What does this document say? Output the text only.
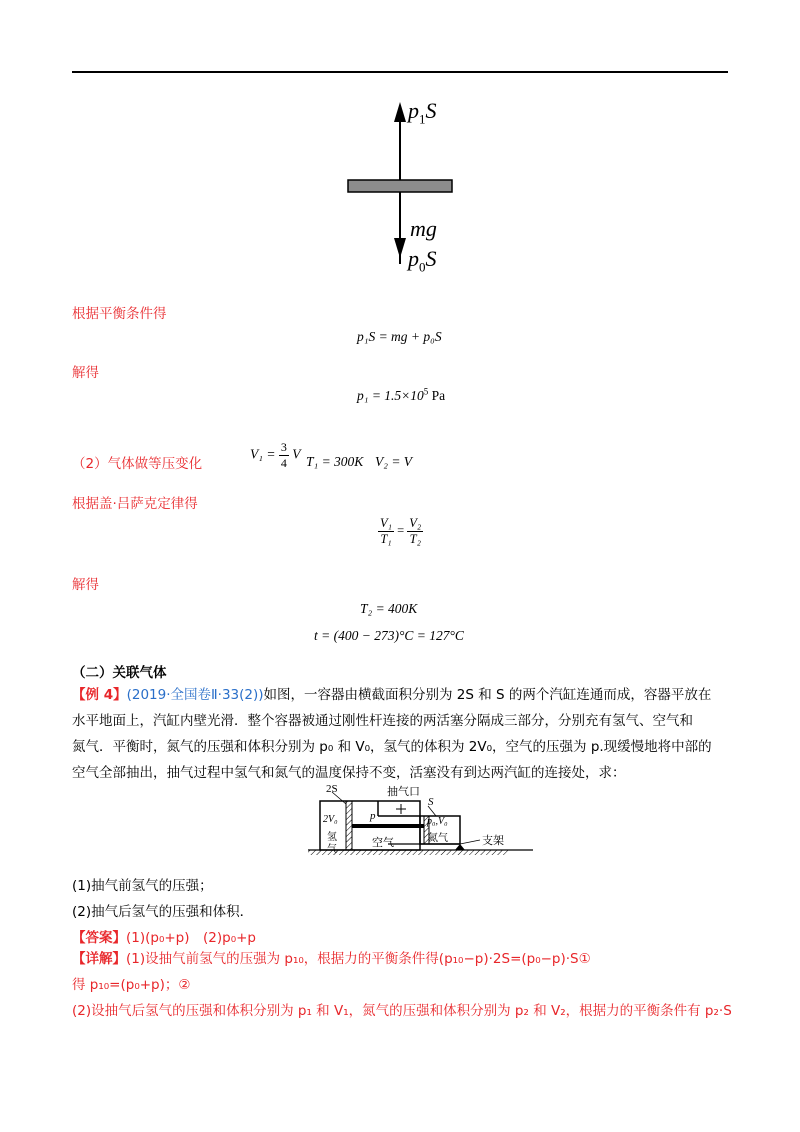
$p_1S$
mg
$p_0S$
根据平衡条件得
p₁S = mg + p₀S
解得
$p_1 = 1.5\times 10^5$ Pa
（2）气体做等压变化
$V_1 = \frac{3}{4}$ V T₁ = 300K V₂ = V
根据盖·吕萨克定律得
$\frac{\text{V₁}}{\text{T₁}} = \frac{\text{V₂}}{\text{T₂}}$
解得
T₂ = 400K
t = (400 − 273)°C = 127°C
（二）关联气体
【例 4】(2019·全国卷Ⅱ·33(2))如图，一容器由横截面积分别为 2S 和 S 的两个汽缸连通而成，容器平放在
水平地面上，汽缸内壁光滑．整个容器被通过刚性杆连接的两活塞分隔成三部分，分别充有氢气、空气和
氮气．平衡时，氮气的压强和体积分别为 p₀ 和 V₀，氢气的体积为 2V₀，空气的压强为 p.现缓慢地将中部的
空气全部抽出，抽气过程中氢气和氮气的温度保持不变，活塞没有到达两汽缸的连接处，求：
2S	抽气口
S
p
2V₀
氢
气
空气
p₀,V₀
氮气	支架
(1)抽气前氢气的压强；
(2)抽气后氢气的压强和体积．
【答案】(1)(p₀+p)　(2)p₀+p
【详解】(1)设抽气前氢气的压强为 p₁₀，根据力的平衡条件得(p₁₀−p)·2S=(p₀−p)·S①
得 p₁₀=(p₀+p)；②
(2)设抽气后氢气的压强和体积分别为 p₁ 和 V₁，氮气的压强和体积分别为 p₂ 和 V₂，根据力的平衡条件有 p₂·S
